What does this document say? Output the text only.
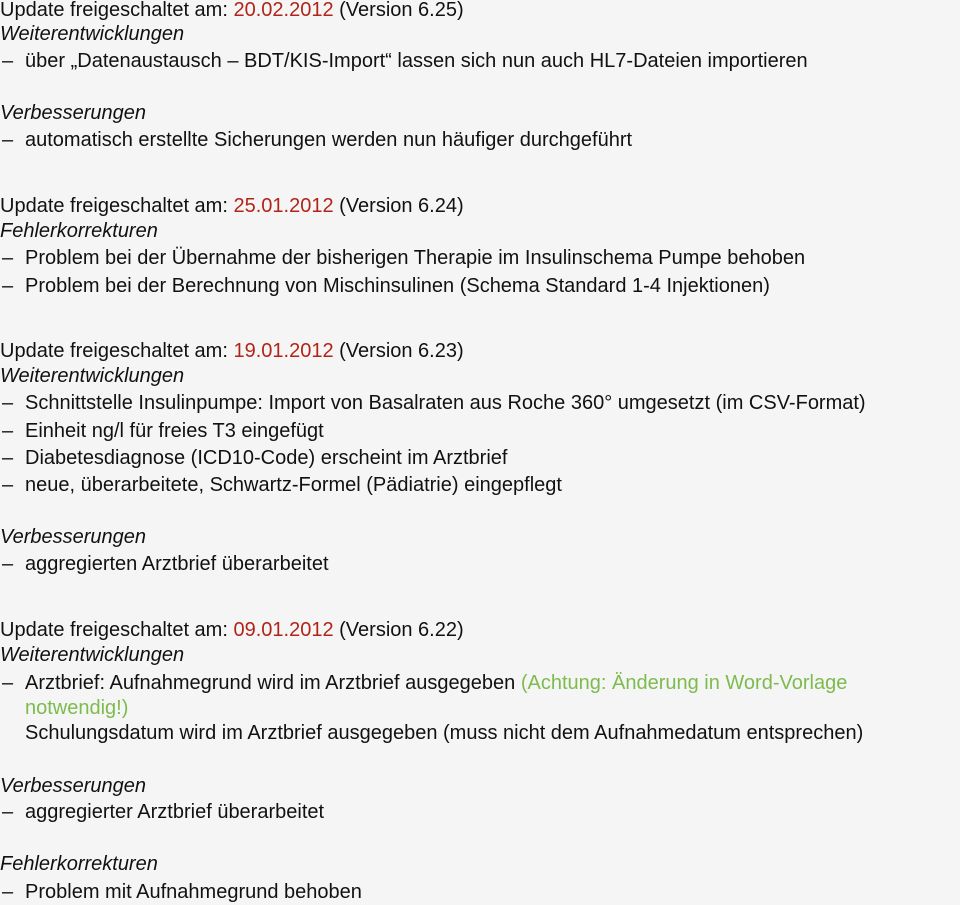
Update freigeschaltet am: 20.02.2012 (Version 6.25)
Weiterentwicklungen
– über „Datenaustausch – BDT/KIS-Import“ lassen sich nun auch HL7-Dateien importieren
Verbesserungen
– automatisch erstellte Sicherungen werden nun häufiger durchgeführt
Update freigeschaltet am: 25.01.2012 (Version 6.24)
Fehlerkorrekturen
– Problem bei der Übernahme der bisherigen Therapie im Insulinschema Pumpe behoben
– Problem bei der Berechnung von Mischinsulinen (Schema Standard 1-4 Injektionen)
Update freigeschaltet am: 19.01.2012 (Version 6.23)
Weiterentwicklungen
– Schnittstelle Insulinpumpe: Import von Basalraten aus Roche 360° umgesetzt (im CSV-Format)
– Einheit ng/l für freies T3 eingefügt
– Diabetesdiagnose (ICD10-Code) erscheint im Arztbrief
– neue, überarbeitete, Schwartz-Formel (Pädiatrie) eingepflegt
Verbesserungen
– aggregierten Arztbrief überarbeitet
Update freigeschaltet am: 09.01.2012 (Version 6.22)
Weiterentwicklungen
– Arztbrief: Aufnahmegrund wird im Arztbrief ausgegeben (Achtung: Änderung in Word-Vorlage
notwendig!)
Schulungsdatum wird im Arztbrief ausgegeben (muss nicht dem Aufnahmedatum entsprechen)
Verbesserungen
– aggregierter Arztbrief überarbeitet
Fehlerkorrekturen
– Problem mit Aufnahmegrund behoben
